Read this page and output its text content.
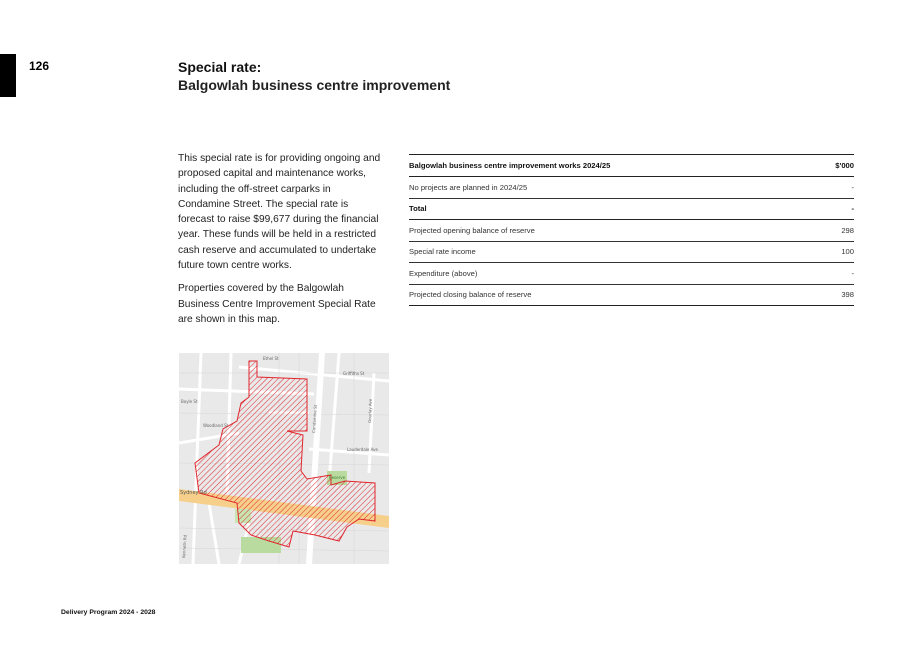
126	Special rate:
Balgowlah business centre improvement

This special rate is for providing ongoing and proposed capital and maintenance works, including the off-street carparks in Condamine Street. The special rate is forecast to raise $99,677 during the financial year. These funds will be held in a restricted cash reserve and accumulated to undertake future town centre works.

Properties covered by the Balgowlah Business Centre Improvement Special Rate are shown in this map.

Ethel St
Griffiths St
Condamine St
Sydney Rd
Boyle St
Woodland St
Lauderdale Ave
Kenneth Rd
Gourlay Ave
Reserve
Balgowlah business centre improvement works 2024/25	$'000
No projects are planned in 2024/25	-
Total	-
Projected opening balance of reserve	298
Special rate income	100
Expenditure (above)	-
Projected closing balance of reserve	398
Delivery Program 2024 - 2028
